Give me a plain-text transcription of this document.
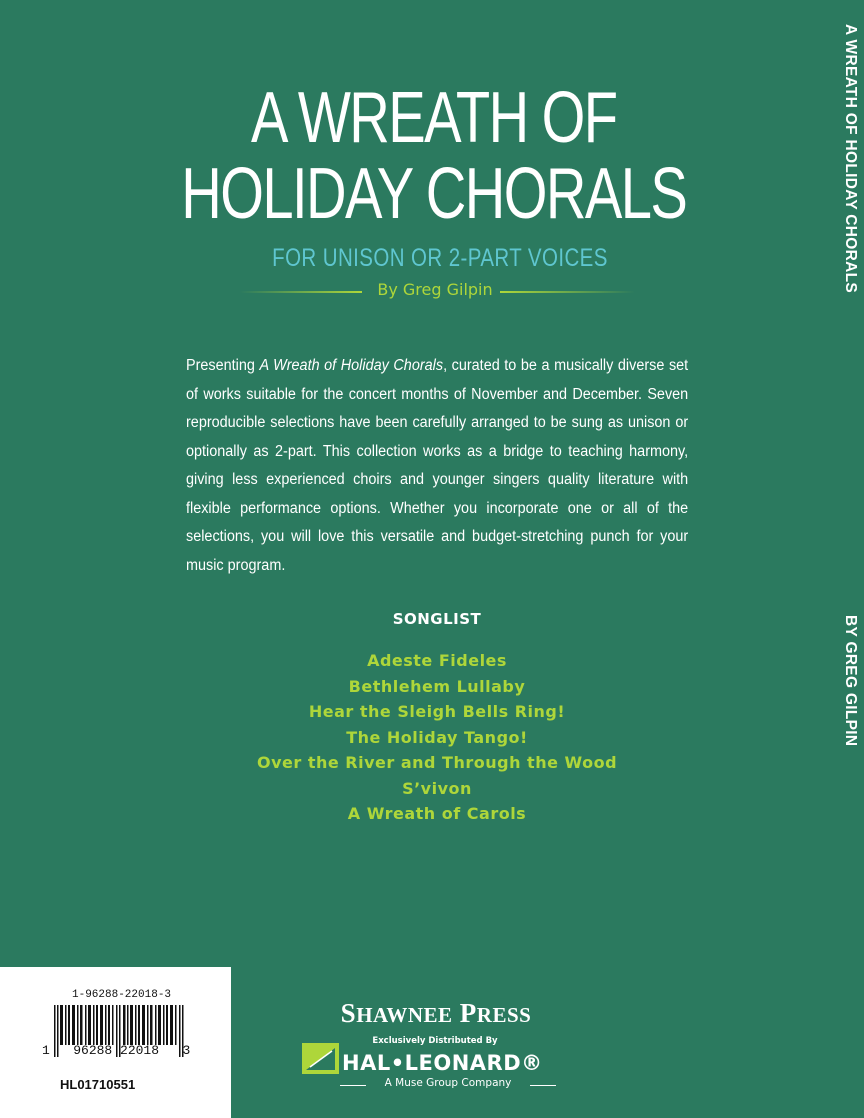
A WREATH OF
HOLIDAY CHORALS
FOR UNISON OR 2-PART VOICES
By Greg Gilpin

Presenting A Wreath of Holiday Chorals, curated to be a musically diverse set of works suitable for the concert months of November and December. Seven reproducible selections have been carefully arranged to be sung as unison or optionally as 2-part. This collection works as a bridge to teaching harmony, giving less experienced choirs and younger singers quality literature with flexible performance options. Whether you incorporate one or all of the selections, you will love this versatile and budget-stretching punch for your music program.

SONGLIST
Adeste Fideles
Bethlehem Lullaby
Hear the Sleigh Bells Ring!
The Holiday Tango!
Over the River and Through the Wood
S’vivon
A Wreath of Carols
A WREATH OF HOLIDAY CHORALS
BY GREG GILPIN
1-96288-22018-3
1 96288 22018 3
HL01710551
SHAWNEE PRESS
Exclusively Distributed By
HAL•LEONARD®
A Muse Group Company
